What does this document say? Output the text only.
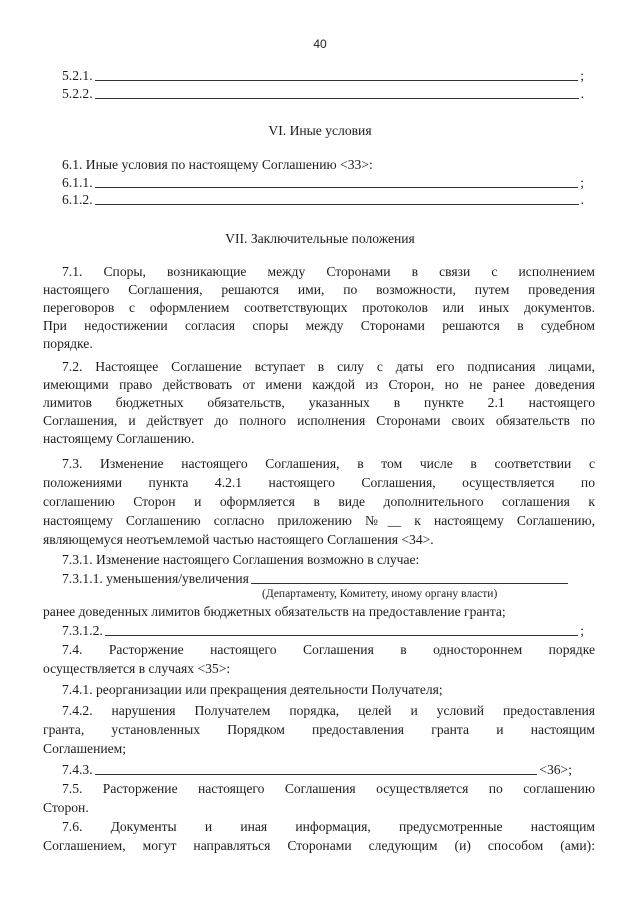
40
5.2.1.	;
5.2.2.	.
VI. Иные условия
6.1. Иные условия по настоящему Соглашению <33>:
6.1.1.	;
6.1.2.	.
VII. Заключительные положения
7.1. Споры, возникающие между Сторонами в связи с исполнением
настоящего Соглашения, решаются ими, по возможности, путем проведения
переговоров с оформлением соответствующих протоколов или иных документов.
При недостижении согласия споры между Сторонами решаются в судебном
порядке.
7.2. Настоящее Соглашение вступает в силу с даты его подписания лицами,
имеющими право действовать от имени каждой из Сторон, но не ранее доведения
лимитов бюджетных обязательств, указанных в пункте 2.1 настоящего
Соглашения, и действует до полного исполнения Сторонами своих обязательств по
настоящему Соглашению.
7.3. Изменение настоящего Соглашения, в том числе в соответствии с
положениями пункта 4.2.1 настоящего Соглашения, осуществляется по
соглашению Сторон и оформляется в виде дополнительного соглашения к
настоящему Соглашению согласно приложению №__ к настоящему Соглашению,
являющемуся неотъемлемой частью настоящего Соглашения <34>.
7.3.1. Изменение настоящего Соглашения возможно в случае:
7.3.1.1. уменьшения/увеличения
(Департаменту, Комитету, иному органу власти)
ранее доведенных лимитов бюджетных обязательств на предоставление гранта;
7.3.1.2.	;
7.4. Расторжение настоящего Соглашения в одностороннем порядке
осуществляется в случаях <35>:
7.4.1. реорганизации или прекращения деятельности Получателя;
7.4.2. нарушения Получателем порядка, целей и условий предоставления
гранта, установленных Порядком предоставления гранта и настоящим
Соглашением;
7.4.3.	<36>;
7.5. Расторжение настоящего Соглашения осуществляется по соглашению
Сторон.
7.6. Документы и иная информация, предусмотренные настоящим
Соглашением, могут направляться Сторонами следующим (и) способом (ами):
